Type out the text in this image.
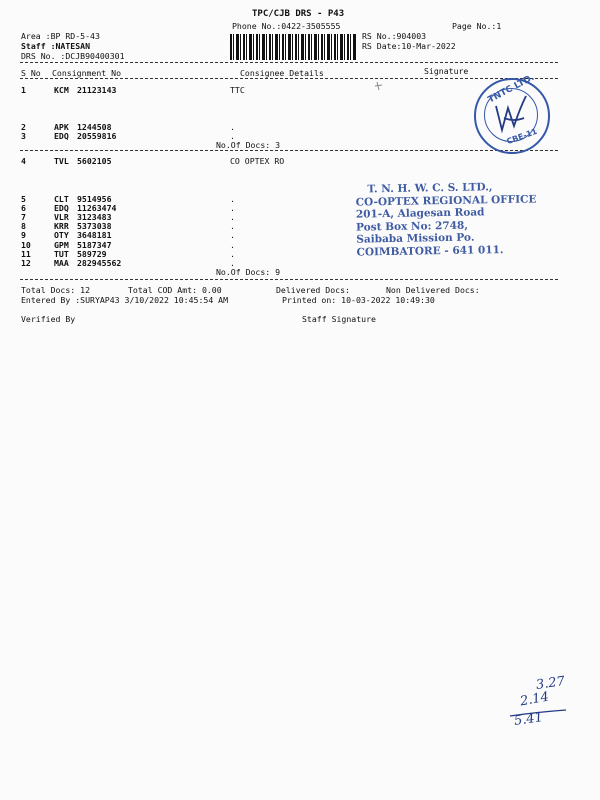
TPC/CJB DRS - P43
Phone No.:0422-3505555	Page No.:1
Area :BP RD-5-43
Staff :NATESAN
DRS No. :DCJB90400301
RS No.:904003
RS Date:10-Mar-2022
S No Consignment No	Consignee Details	Signature
1	KCM 21123143	TTC
2	APK 1244508	.
3	EDQ 20559816	.
No.Of Docs: 3
4	TVL 5602105	CO OPTEX RO
5	CLT 9514956	.
6	EDQ 11263474	.
7	VLR 3123483	.
8	KRR 5373038	.
9	OTY 3648181	.
10	GPM 5187347	.
11	TUT 589729	.
12	MAA 282945562	.
No.Of Docs: 9
Total Docs: 12	Total COD Amt: 0.00	Delivered Docs:	Non Delivered Docs:
Entered By :SURYAP43 3/10/2022 10:45:54 AM	Printed on: 10-03-2022 10:49:30
Verified By	Staff Signature
TNTC LTD.
CBE-11
T. N. H. W. C. S. LTD.,
CO-OPTEX REGIONAL OFFICE
201-A, Alagesan Road
Post Box No: 2748,
Saibaba Mission Po.
COIMBATORE - 641 011.
3.27
2.14
5.41
